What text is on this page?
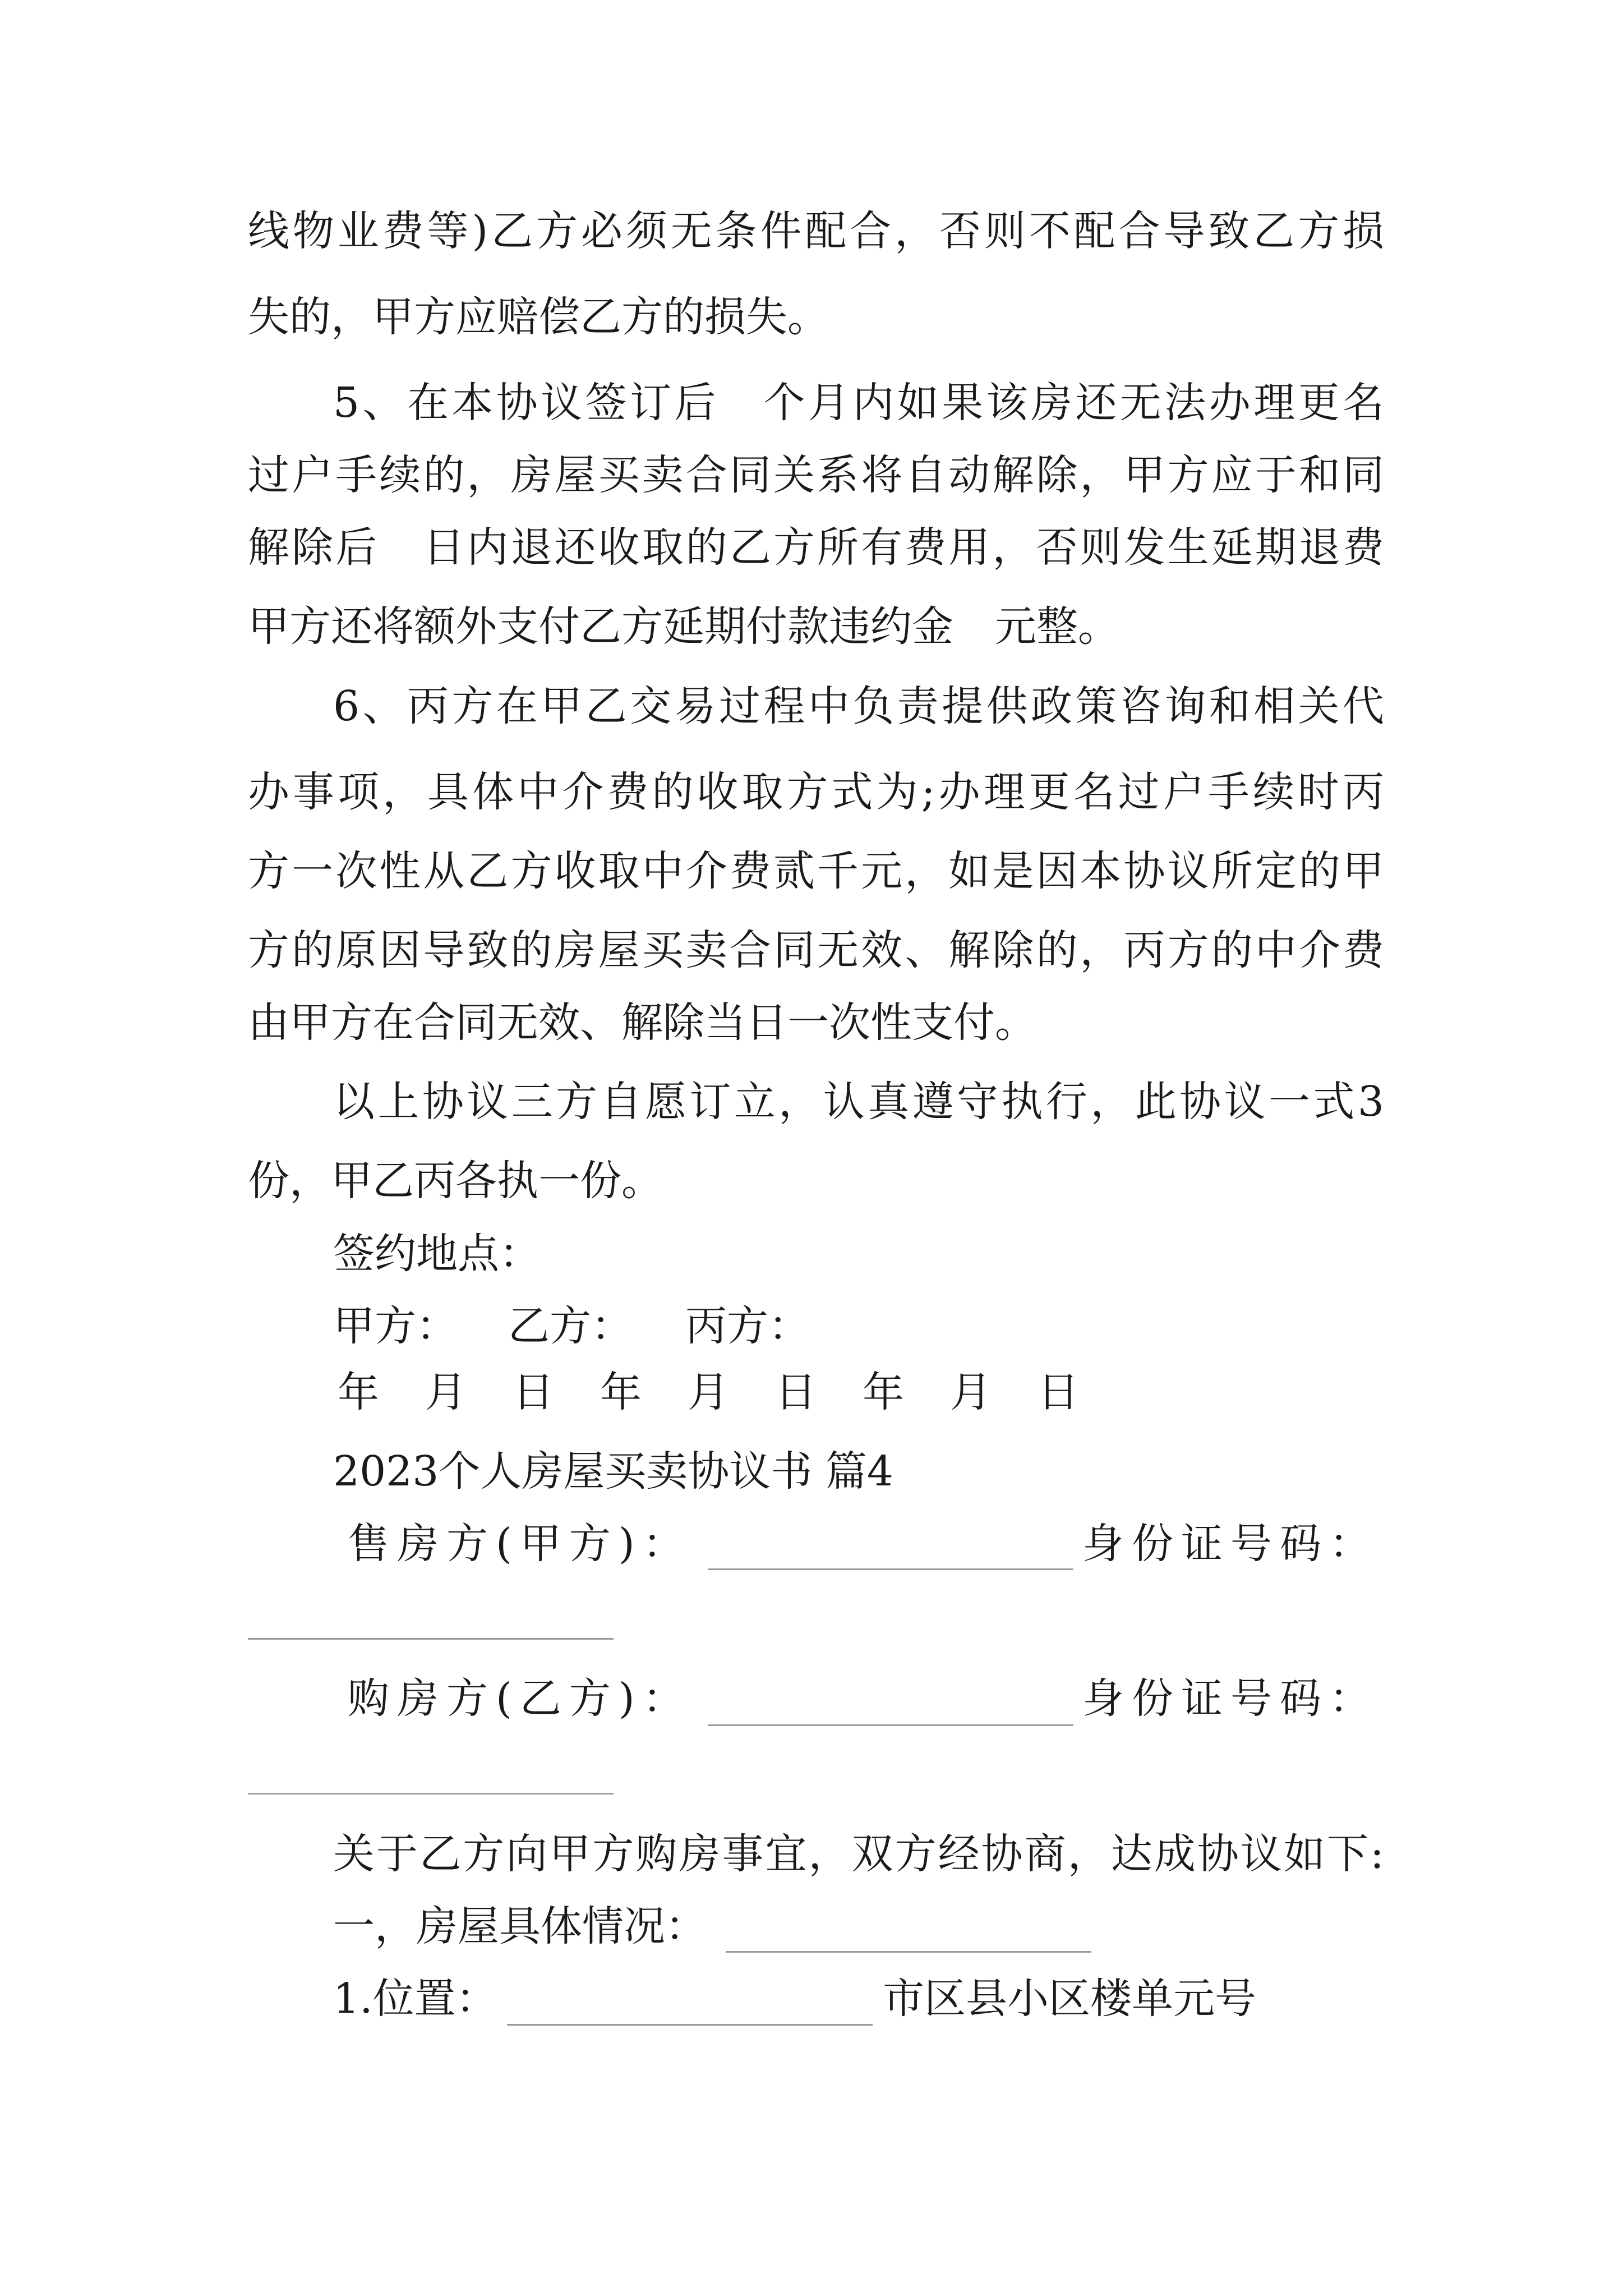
线物业费等)乙方必须无条件配合，否则不配合导致乙方损
失的，甲方应赔偿乙方的损失。
5、在本协议签订后　个月内如果该房还无法办理更名
过户手续的，房屋买卖合同关系将自动解除，甲方应于和同
解除后　日内退还收取的乙方所有费用，否则发生延期退费
甲方还将额外支付乙方延期付款违约金　元整。
6、丙方在甲乙交易过程中负责提供政策咨询和相关代
办事项，具体中介费的收取方式为;办理更名过户手续时丙
方一次性从乙方收取中介费贰千元，如是因本协议所定的甲
方的原因导致的房屋买卖合同无效、解除的，丙方的中介费
由甲方在合同无效、解除当日一次性支付。
以上协议三方自愿订立，认真遵守执行，此协议一式3
份，甲乙丙各执一份。
签约地点：
甲方： 乙方： 丙方：
年 月 日 年 月 日 年 月 日
2023个人房屋买卖协议书 篇4
售房方(甲方)：	身份证号码：
购房方(乙方)：	身份证号码：
关于乙方向甲方购房事宜，双方经协商，达成协议如下:
一，房屋具体情况：
1.位置：	市区县小区楼单元号
